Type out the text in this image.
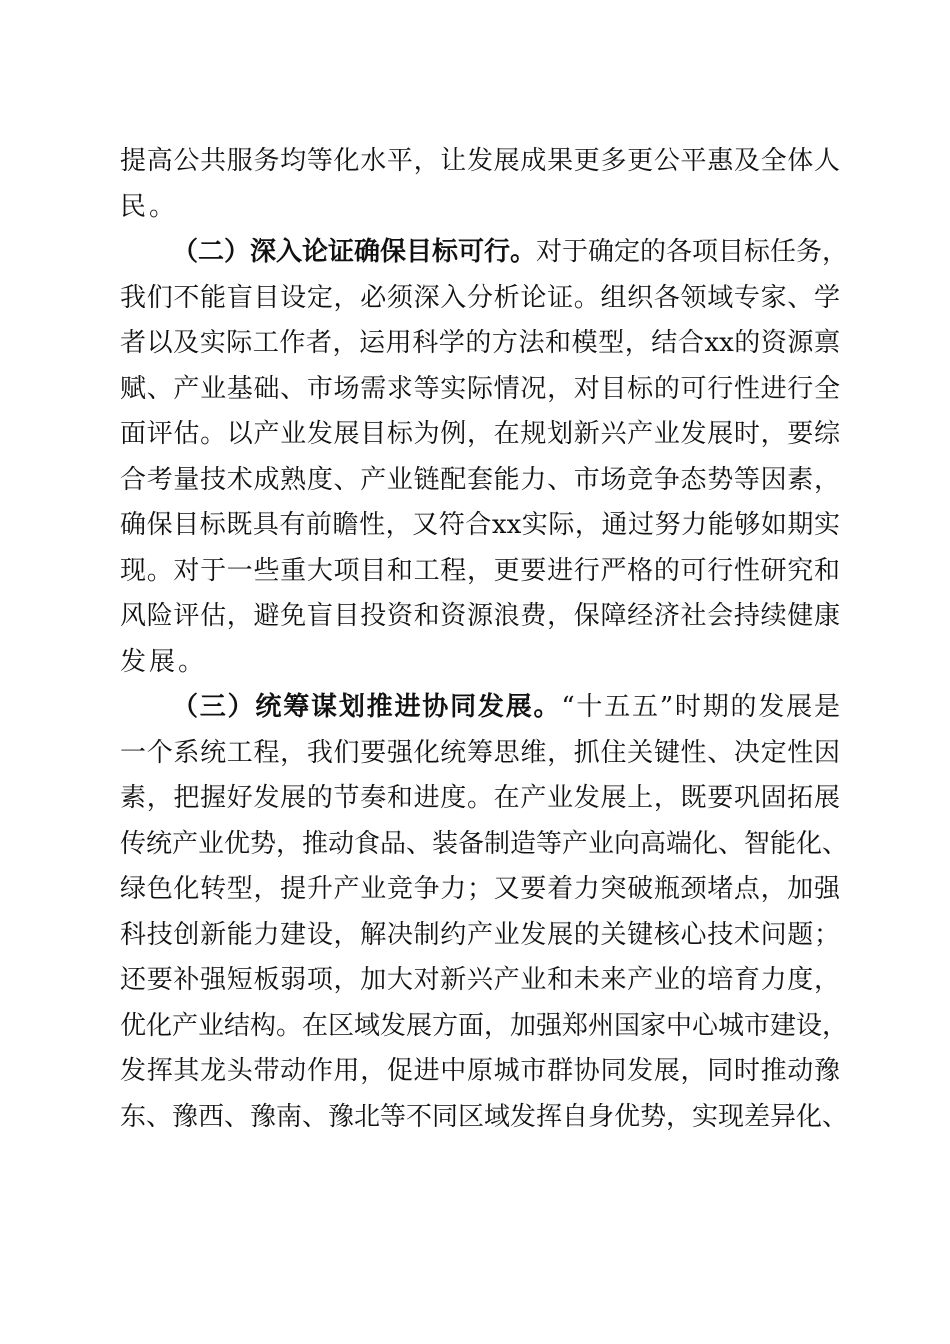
提高公共服务均等化水平，让发展成果更多更公平惠及全体人
民。
（二）深入论证确保目标可行。对于确定的各项目标任务，
我们不能盲目设定，必须深入分析论证。组织各领域专家、学
者以及实际工作者，运用科学的方法和模型，结合xx的资源禀
赋、产业基础、市场需求等实际情况，对目标的可行性进行全
面评估。以产业发展目标为例，在规划新兴产业发展时，要综
合考量技术成熟度、产业链配套能力、市场竞争态势等因素，
确保目标既具有前瞻性，又符合xx实际，通过努力能够如期实
现。对于一些重大项目和工程，更要进行严格的可行性研究和
风险评估，避免盲目投资和资源浪费，保障经济社会持续健康
发展。
（三）统筹谋划推进协同发展。“十五五”时期的发展是
一个系统工程，我们要强化统筹思维，抓住关键性、决定性因
素，把握好发展的节奏和进度。在产业发展上，既要巩固拓展
传统产业优势，推动食品、装备制造等产业向高端化、智能化、
绿色化转型，提升产业竞争力；又要着力突破瓶颈堵点，加强
科技创新能力建设，解决制约产业发展的关键核心技术问题；
还要补强短板弱项，加大对新兴产业和未来产业的培育力度，
优化产业结构。在区域发展方面，加强郑州国家中心城市建设，
发挥其龙头带动作用，促进中原城市群协同发展，同时推动豫
东、豫西、豫南、豫北等不同区域发挥自身优势，实现差异化、
